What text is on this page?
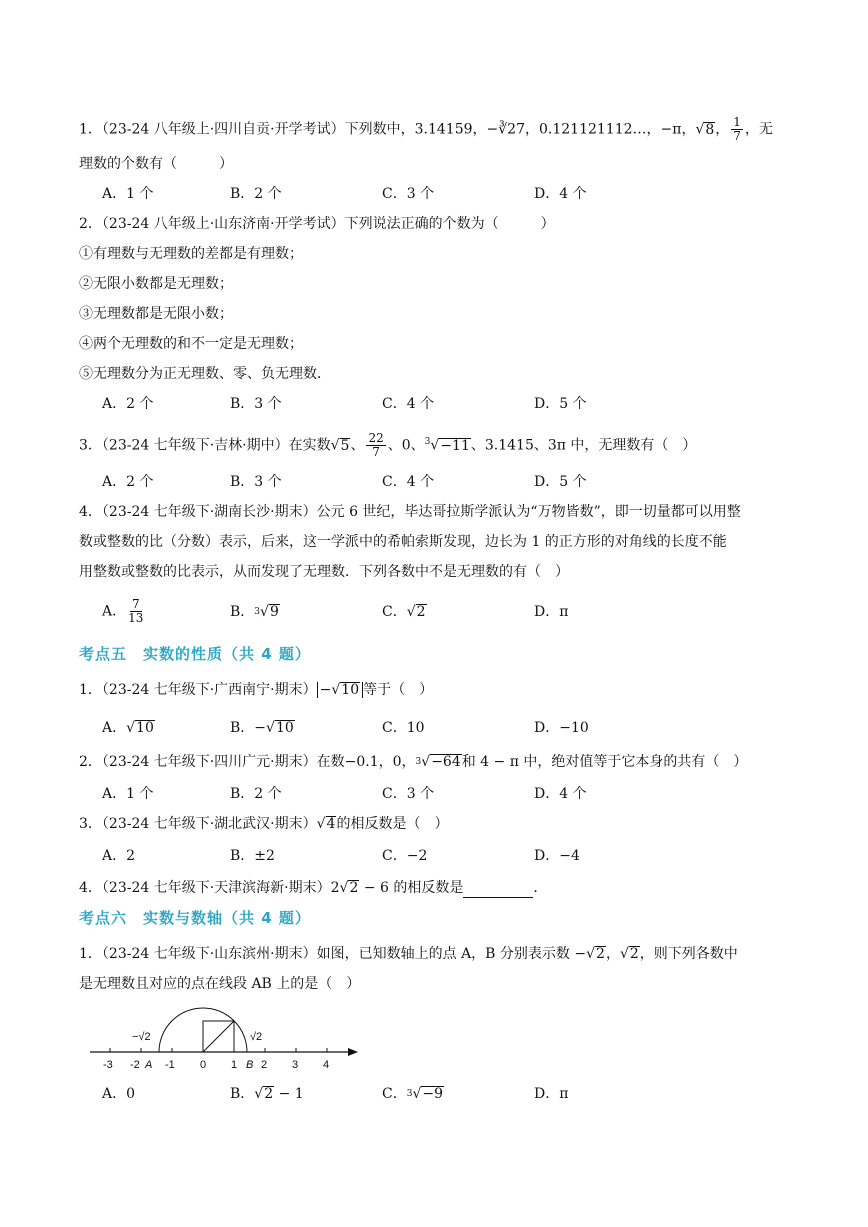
1．（23-24 八年级上·四川自贡·开学考试）下列数中，3.14159，−∛27，0.121121112…，−π，√8， $\frac{1}{7}$ ，无
理数的个数有（　　　）
A．1 个	B．2 个	C．3 个	D．4 个
2．（23-24 八年级上·山东济南·开学考试）下列说法正确的个数为（　　　）
①有理数与无理数的差都是有理数；
②无限小数都是无理数；
③无理数都是无限小数；
④两个无理数的和不一定是无理数；
⑤无理数分为正无理数、零、负无理数．
A．2 个	B．3 个	C．4 个	D．5 个
3．（23-24 七年级下·吉林·期中）在实数√5、 $\frac{22}{7}$ 、0、$^3$√−11、3.1415、3π 中，无理数有（　）
A．2 个	B．3 个	C．4 个	D．5 个
4．（23-24 七年级下·湖南长沙·期末）公元 6 世纪，毕达哥拉斯学派认为“万物皆数”，即一切量都可以用整
数或整数的比（分数）表示，后来，这一学派中的希帕索斯发现，边长为 1 的正方形的对角线的长度不能
用整数或整数的比表示，从而发现了无理数．下列各数中不是无理数的有（　）
A． $\frac{7}{13}$	B．$^3$√9	C．√2	D．π
考点五　实数的性质（共 4 题）
1．（23-24 七年级下·广西南宁·期末） −√10 等于（　）
A．√10	B．−√10	C．10	D．−10
2．（23-24 七年级下·四川广元·期末）在数−0.1，0，$^3$√−64和 4 − π 中，绝对值等于它本身的共有（　）
A．1 个	B．2 个	C．3 个	D．4 个
3．（23-24 七年级下·湖北武汉·期末）√4的相反数是（　）
A．2	B．±2	C．−2	D．−4
4．（23-24 七年级下·天津滨海新·期末）2√2 − 6 的相反数是	．
考点六　实数与数轴（共 4 题）
1．（23-24 七年级下·山东滨州·期末）如图，已知数轴上的点 A，B 分别表示数 −√2，√2，则下列各数中
是无理数且对应的点在线段 AB 上的是（　）
-3 -2 A -1 0 1 B 2 3 4
−√2	√2
A．0	B．√2 − 1	C．$^3$√−9	D．π
